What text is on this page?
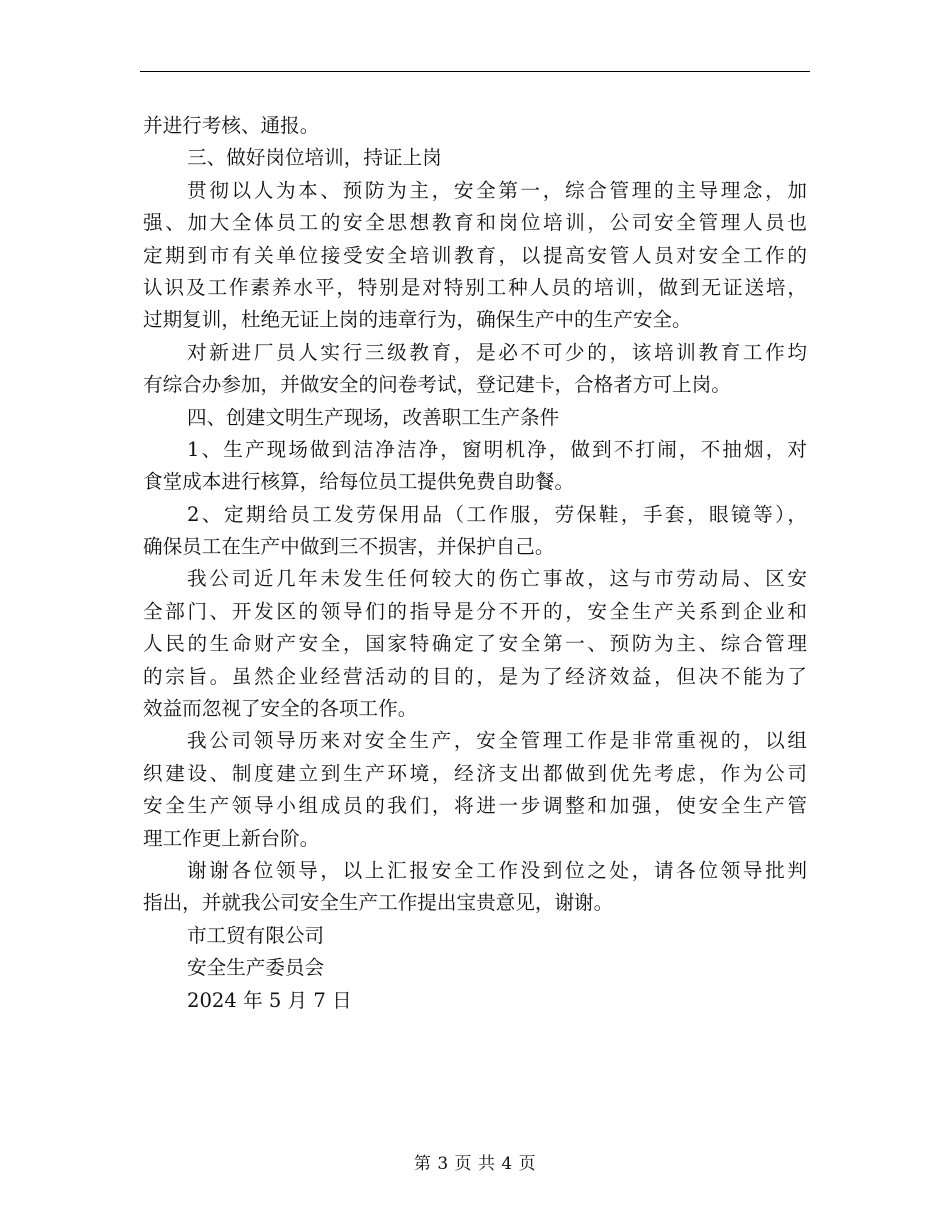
并进行考核、通报。
三、做好岗位培训，持证上岗
贯彻以人为本、预防为主，安全第一，综合管理的主导理念，加
强、加大全体员工的安全思想教育和岗位培训，公司安全管理人员也
定期到市有关单位接受安全培训教育，以提高安管人员对安全工作的
认识及工作素养水平，特别是对特别工种人员的培训，做到无证送培，
过期复训，杜绝无证上岗的违章行为，确保生产中的生产安全。
对新进厂员人实行三级教育，是必不可少的，该培训教育工作均
有综合办参加，并做安全的问卷考试，登记建卡，合格者方可上岗。
四、创建文明生产现场，改善职工生产条件
1、生产现场做到洁净洁净，窗明机净，做到不打闹，不抽烟，对
食堂成本进行核算，给每位员工提供免费自助餐。
2、定期给员工发劳保用品（工作服，劳保鞋，手套，眼镜等），
确保员工在生产中做到三不损害，并保护自己。
我公司近几年未发生任何较大的伤亡事故，这与市劳动局、区安
全部门、开发区的领导们的指导是分不开的，安全生产关系到企业和
人民的生命财产安全，国家特确定了安全第一、预防为主、综合管理
的宗旨。虽然企业经营活动的目的，是为了经济效益，但决不能为了
效益而忽视了安全的各项工作。
我公司领导历来对安全生产，安全管理工作是非常重视的，以组
织建设、制度建立到生产环境，经济支出都做到优先考虑，作为公司
安全生产领导小组成员的我们，将进一步调整和加强，使安全生产管
理工作更上新台阶。
谢谢各位领导，以上汇报安全工作没到位之处，请各位领导批判
指出，并就我公司安全生产工作提出宝贵意见，谢谢。
市工贸有限公司
安全生产委员会
2024 年 5 月 7 日
第 3 页 共 4 页
